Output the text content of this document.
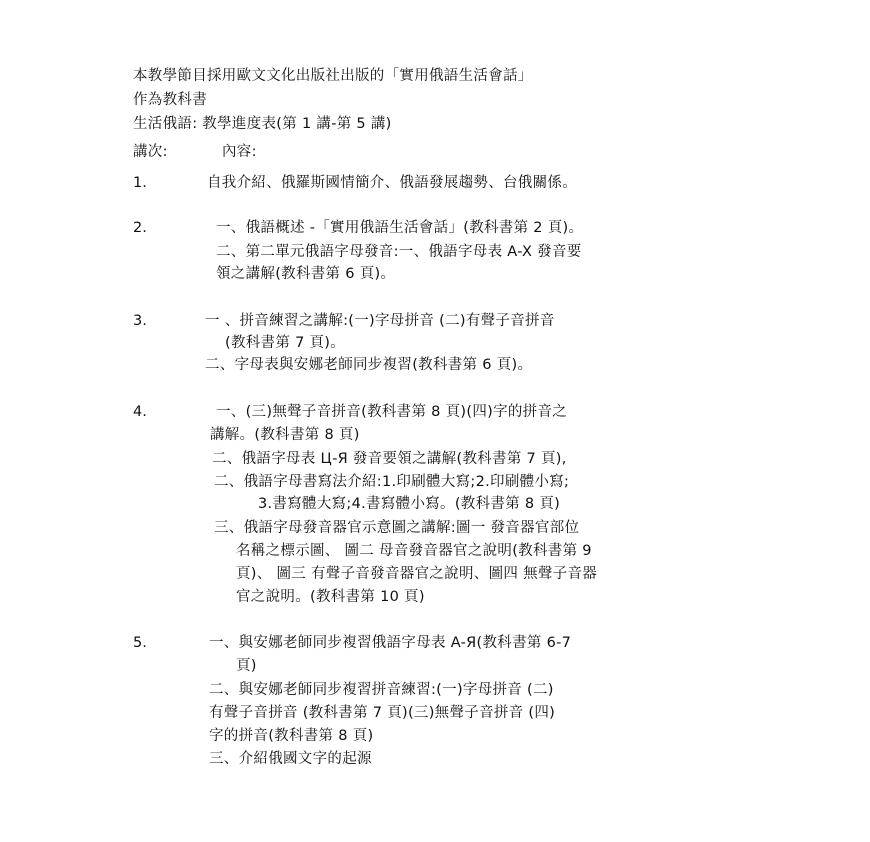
本教學節目採用歐文文化出版社出版的「實用俄語生活會話」
作為教科書
生活俄語: 教學進度表(第 1 講-第 5 講)
講次:	內容:
1.	自我介紹、俄羅斯國情簡介、俄語發展趨勢、台俄關係。
2.	一、俄語概述 -「實用俄語生活會話」(教科書第 2 頁)。
二、第二單元俄語字母發音:一、俄語字母表 A-X 發音要
領之講解(教科書第 6 頁)。
3.	一 、拼音練習之講解:(一)字母拼音 (二)有聲子音拼音
(教科書第 7 頁)。
二、字母表與安娜老師同步複習(教科書第 6 頁)。
4.	一、(三)無聲子音拼音(教科書第 8 頁)(四)字的拼音之
講解。(教科書第 8 頁)
二、俄語字母表 Ц-Я 發音要領之講解(教科書第 7 頁),
二、俄語字母書寫法介紹:1.印刷體大寫;2.印刷體小寫;
3.書寫體大寫;4.書寫體小寫。(教科書第 8 頁)
三、俄語字母發音器官示意圖之講解:圖一 發音器官部位
名稱之標示圖、 圖二 母音發音器官之說明(教科書第 9
頁)、 圖三 有聲子音發音器官之說明、圖四 無聲子音器
官之說明。(教科書第 10 頁)
5.	一、與安娜老師同步複習俄語字母表 A-Я(教科書第 6-7
頁)
二、與安娜老師同步複習拼音練習:(一)字母拼音 (二)
有聲子音拼音 (教科書第 7 頁)(三)無聲子音拼音 (四)
字的拼音(教科書第 8 頁)
三、介紹俄國文字的起源
